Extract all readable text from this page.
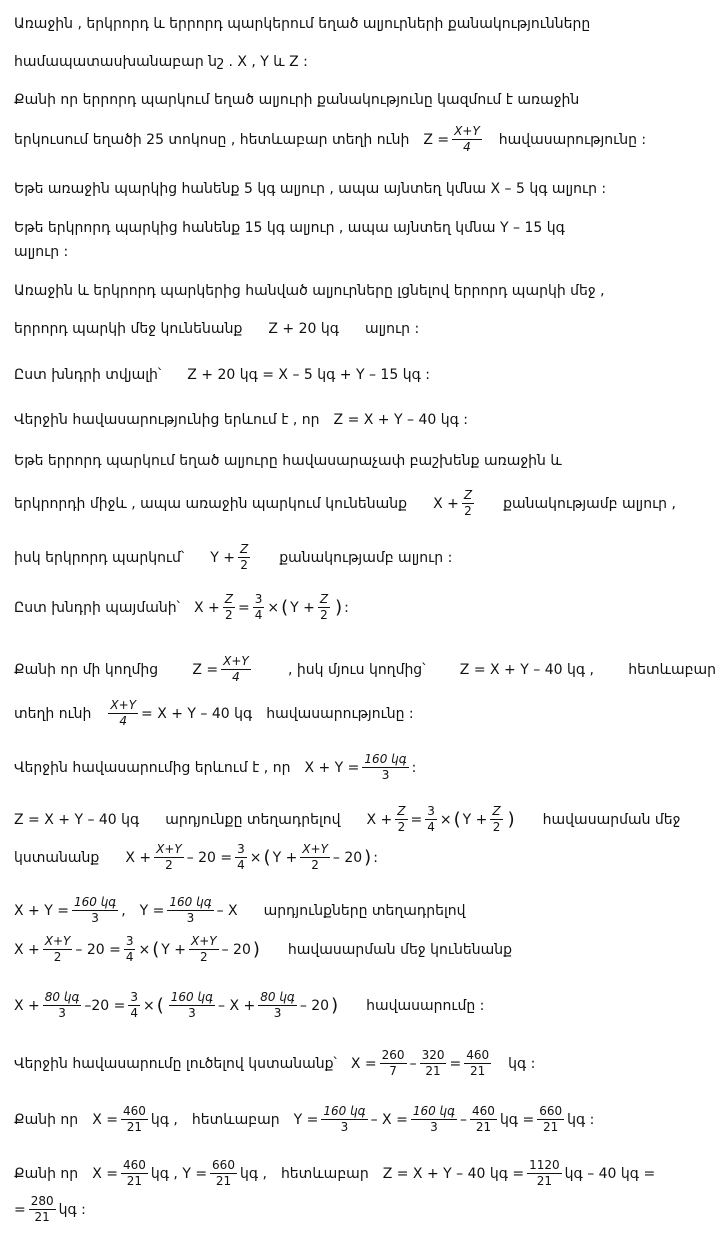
Առաջին , երկրորդ և երրորդ պարկերում եղած ալյուրների քանակությունները
համապատասխանաբար նշ . X , Y և Z :
Քանի որ երրորդ պարկում եղած ալյուրի քանակությունը կազմում է առաջին
երկուսում եղածի 25 տոկոսը , հետևաբար տեղի ունի $Z = \frac{X+Y}{4}$ հավասարությունը :
Եթե առաջին պարկից հանենք 5 կգ ալյուր , ապա այնտեղ կմնա X – 5 կգ ալյուր :
Եթե երկրորդ պարկից հանենք 15 կգ ալյուր , ապա այնտեղ կմնա Y – 15 կգ
ալյուր :
Առաջին և երկրորդ պարկերից հանված ալյուրները լցնելով երրորդ պարկի մեջ ,
երրորդ պարկի մեջ կունենանք Z + 20 կգ ալյուր :
Ըստ խնդրի տվյալի՝ Z + 20 կգ = X – 5 կգ + Y – 15 կգ :
Վերջին հավասարությունից երևում է , որ Z = X + Y – 40 կգ :
Եթե երրորդ պարկում եղած ալյուրը հավասարաչափ բաշխենք առաջին և
երկրորդի միջև , ապա առաջին պարկում կունենանք $X + \frac{Z}{2}$ քանակությամբ ալյուր ,
իսկ երկրորդ պարկում՝ $Y + \frac{Z}{2}$ քանակությամբ ալյուր :
Ըստ խնդրի պայմանի՝ $X + \frac{Z}{2} = \frac{3}{4}$ × ( $Y + \frac{Z}{2}$ ) :
Քանի որ մի կողմից $Z = \frac{X+Y}{4}$	, իսկ մյուս կողմից՝ Z = X + Y – 40 կգ , հետևաբար
տեղի ունի $\frac{X+Y}{4} = X + Y - 40$ կգ հավասարությունը :
Վերջին հավասարումից երևում է , որ $X + Y = \frac{\text{160 կգ}}{3}$ :
Z = X + Y – 40 կգ արդյունքը տեղադրելով $X + \frac{Z}{2} = \frac{3}{4}$ × ( $Y + \frac{Z}{2}$ ) հավասարման մեջ
կստանանք $X + \frac{X+Y}{2} - 20$
= $\frac{3}{4}$ × ( $Y + \frac{X+Y}{2} - 20$ ) :
$X + Y = \frac{\text{160 կգ}}{3}$ , $Y = \frac{\text{160 կգ}}{3} - X$ արդյունքները տեղադրելով
$X + \frac{X+Y}{2} - 20$
= $\frac{3}{4}$ × ( $Y + \frac{X+Y}{2} - 20$ ) հավասարման մեջ կունենանք
$X + \frac{\text{80 կգ}}{3} -20 = \frac{3}{4}$ × ( $\frac{\text{160 կգ}}{3} - X + \frac{\text{80 կգ}}{3} - 20$ ) հավասարումը :
Վերջին հավասարումը լուծելով կստանանք՝ $X = \frac{260}{7} - \frac{320}{21} = \frac{460}{21}$ կգ :
Քանի որ $X = \frac{460}{21}$ կգ , հետևաբար $Y = \frac{\text{160 կգ}}{3} - X = \frac{\text{160 կգ}}{3} - \frac{460}{21}$ կգ = $\frac{660}{21}$ կգ :
Քանի որ $X = \frac{460}{21}$ կգ ,
$Y = \frac{660}{21}$ կգ , հետևաբար Z = X + Y – 40 կգ = $\frac{1120}{21}$ կգ – 40 կգ =
= $\frac{280}{21}$ կգ :
